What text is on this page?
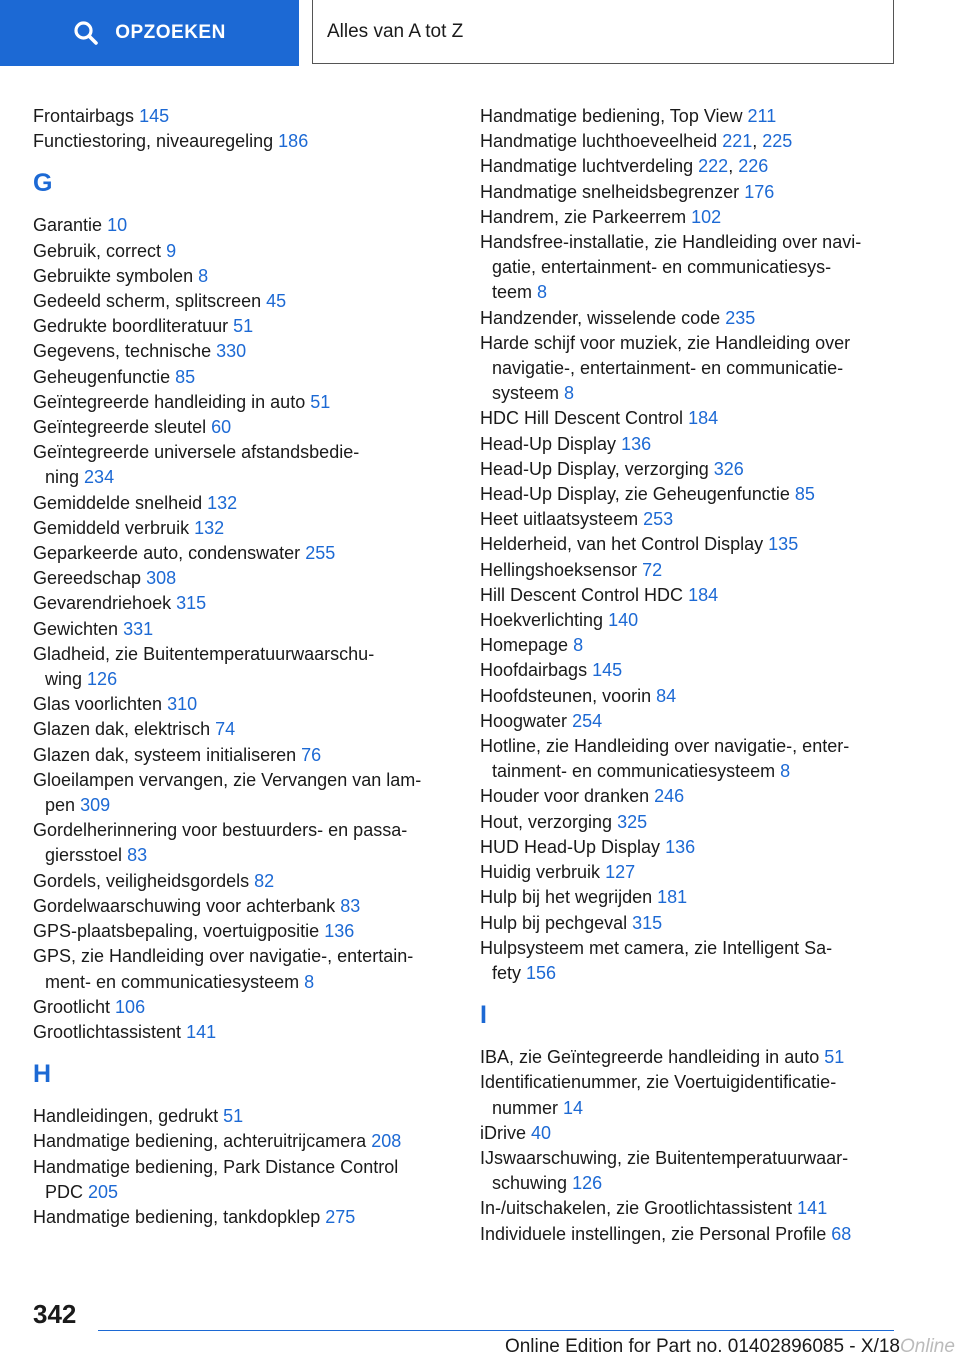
OPZOEKEN	Alles van A tot Z
Frontairbags 145
Functiestoring, niveauregeling 186
G
Garantie 10
Gebruik, correct 9
Gebruikte symbolen 8
Gedeeld scherm, splitscreen 45
Gedrukte boordliteratuur 51
Gegevens, technische 330
Geheugenfunctie 85
Geïntegreerde handleiding in auto 51
Geïntegreerde sleutel 60
Geïntegreerde universele afstandsbedie-
ning 234
Gemiddelde snelheid 132
Gemiddeld verbruik 132
Geparkeerde auto, condenswater 255
Gereedschap 308
Gevarendriehoek 315
Gewichten 331
Gladheid, zie Buitentemperatuurwaarschu-
wing 126
Glas voorlichten 310
Glazen dak, elektrisch 74
Glazen dak, systeem initialiseren 76
Gloeilampen vervangen, zie Vervangen van lam-
pen 309
Gordelherinnering voor bestuurders- en passa-
giersstoel 83
Gordels, veiligheidsgordels 82
Gordelwaarschuwing voor achterbank 83
GPS-plaatsbepaling, voertuigpositie 136
GPS, zie Handleiding over navigatie-, entertain-
ment- en communicatiesysteem 8
Grootlicht 106
Grootlichtassistent 141
H
Handleidingen, gedrukt 51
Handmatige bediening, achteruitrijcamera 208
Handmatige bediening, Park Distance Control
PDC 205
Handmatige bediening, tankdopklep 275
Handmatige bediening, Top View 211
Handmatige luchthoeveelheid 221, 225
Handmatige luchtverdeling 222, 226
Handmatige snelheidsbegrenzer 176
Handrem, zie Parkeerrem 102
Handsfree-installatie, zie Handleiding over navi-
gatie, entertainment- en communicatiesys-
teem 8
Handzender, wisselende code 235
Harde schijf voor muziek, zie Handleiding over
navigatie-, entertainment- en communicatie-
systeem 8
HDC Hill Descent Control 184
Head-Up Display 136
Head-Up Display, verzorging 326
Head-Up Display, zie Geheugenfunctie 85
Heet uitlaatsysteem 253
Helderheid, van het Control Display 135
Hellingshoeksensor 72
Hill Descent Control HDC 184
Hoekverlichting 140
Homepage 8
Hoofdairbags 145
Hoofdsteunen, voorin 84
Hoogwater 254
Hotline, zie Handleiding over navigatie-, enter-
tainment- en communicatiesysteem 8
Houder voor dranken 246
Hout, verzorging 325
HUD Head-Up Display 136
Huidig verbruik 127
Hulp bij het wegrijden 181
Hulp bij pechgeval 315
Hulpsysteem met camera, zie Intelligent Sa-
fety 156
I
IBA, zie Geïntegreerde handleiding in auto 51
Identificatienummer, zie Voertuigidentificatie-
nummer 14
iDrive 40
IJswaarschuwing, zie Buitentemperatuurwaar-
schuwing 126
In-/uitschakelen, zie Grootlichtassistent 141
Individuele instellingen, zie Personal Profile 68
342
Online Edition for Part no. 01402896085 - X/18 Online
